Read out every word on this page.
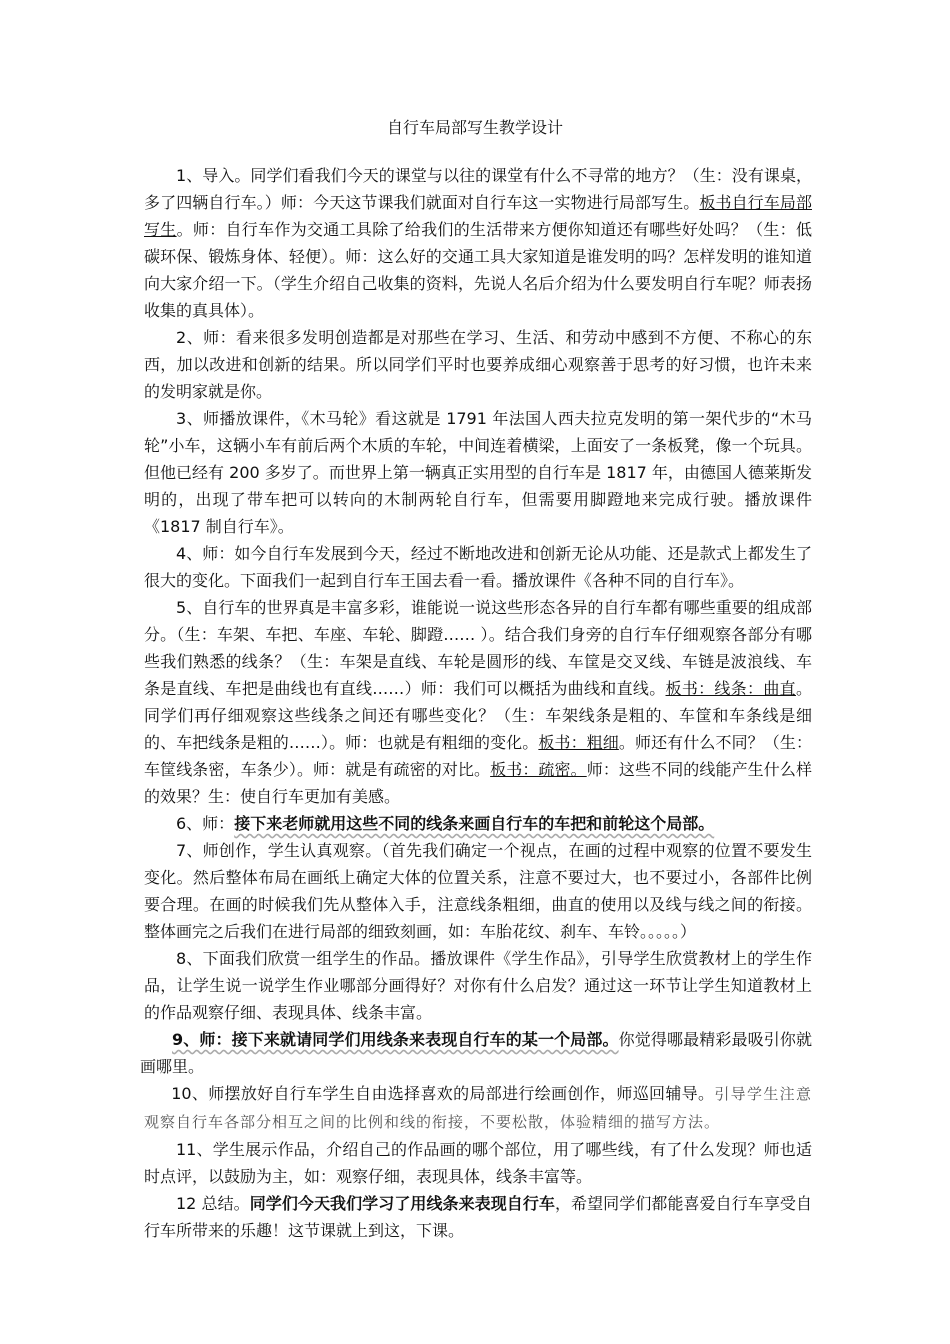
自行车局部写生教学设计

1、导入。同学们看我们今天的课堂与以往的课堂有什么不寻常的地方？（生：没有课桌，多了四辆自行车。）师：今天这节课我们就面对自行车这一实物进行局部写生。板书自行车局部写生。师：自行车作为交通工具除了给我们的生活带来方便你知道还有哪些好处吗？（生：低碳环保、锻炼身体、轻便）。师：这么好的交通工具大家知道是谁发明的吗？怎样发明的谁知道向大家介绍一下。（学生介绍自己收集的资料，先说人名后介绍为什么要发明自行车呢？师表扬收集的真具体）。

2、师：看来很多发明创造都是对那些在学习、生活、和劳动中感到不方便、不称心的东西，加以改进和创新的结果。所以同学们平时也要养成细心观察善于思考的好习惯，也许未来的发明家就是你。

3、师播放课件，《木马轮》看这就是 1791 年法国人西夫拉克发明的第一架代步的“木马轮”小车，这辆小车有前后两个木质的车轮，中间连着横梁，上面安了一条板凳，像一个玩具。但他已经有 200 多岁了。而世界上第一辆真正实用型的自行车是 1817 年，由德国人德莱斯发明的，出现了带车把可以转向的木制两轮自行车，但需要用脚蹬地来完成行驶。播放课件《1817 制自行车》。

4、师：如今自行车发展到今天，经过不断地改进和创新无论从功能、还是款式上都发生了很大的变化。下面我们一起到自行车王国去看一看。播放课件《各种不同的自行车》。

5、自行车的世界真是丰富多彩，谁能说一说这些形态各异的自行车都有哪些重要的组成部分。（生：车架、车把、车座、车轮、脚蹬…… ）。结合我们身旁的自行车仔细观察各部分有哪些我们熟悉的线条？（生：车架是直线、车轮是圆形的线、车筐是交叉线、车链是波浪线、车条是直线、车把是曲线也有直线……）师：我们可以概括为曲线和直线。板书：线条：曲直。同学们再仔细观察这些线条之间还有哪些变化？（生：车架线条是粗的、车筐和车条线是细的、车把线条是粗的……）。师：也就是有粗细的变化。板书：粗细。师还有什么不同？（生：车筐线条密，车条少）。师：就是有疏密的对比。板书：疏密。师：这些不同的线能产生什么样的效果？生：使自行车更加有美感。

6、师：接下来老师就用这些不同的线条来画自行车的车把和前轮这个局部。

7、师创作，学生认真观察。（首先我们确定一个视点，在画的过程中观察的位置不要发生变化。然后整体布局在画纸上确定大体的位置关系，注意不要过大，也不要过小，各部件比例要合理。在画的时候我们先从整体入手，注意线条粗细，曲直的使用以及线与线之间的衔接。整体画完之后我们在进行局部的细致刻画，如：车胎花纹、刹车、车铃。。。。。）

8、下面我们欣赏一组学生的作品。播放课件《学生作品》，引导学生欣赏教材上的学生作品，让学生说一说学生作业哪部分画得好？对你有什么启发？通过这一环节让学生知道教材上的作品观察仔细、表现具体、线条丰富。

9、师：接下来就请同学们用线条来表现自行车的某一个局部。你觉得哪最精彩最吸引你就画哪里。

10、师摆放好自行车学生自由选择喜欢的局部进行绘画创作，师巡回辅导。引导学生注意观察自行车各部分相互之间的比例和线的衔接，不要松散，体验精细的描写方法。

11、学生展示作品，介绍自己的作品画的哪个部位，用了哪些线，有了什么发现？师也适时点评，以鼓励为主，如：观察仔细，表现具体，线条丰富等。

12 总结。同学们今天我们学习了用线条来表现自行车，希望同学们都能喜爱自行车享受自行车所带来的乐趣！这节课就上到这，下课。
